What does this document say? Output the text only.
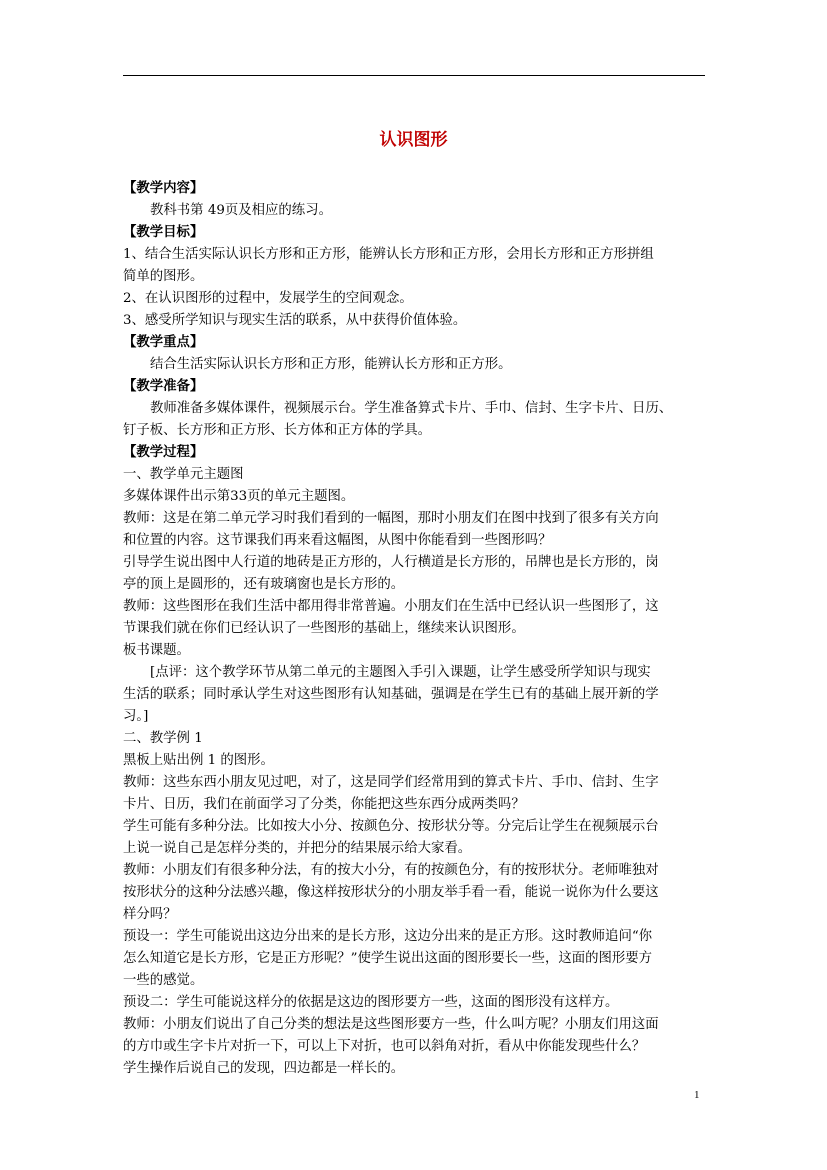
认识图形
【教学内容】
教科书第 49页及相应的练习。
【教学目标】
1、结合生活实际认识长方形和正方形，能辨认长方形和正方形，会用长方形和正方形拼组
简单的图形。
2、在认识图形的过程中，发展学生的空间观念。
3、感受所学知识与现实生活的联系，从中获得价值体验。
【教学重点】
结合生活实际认识长方形和正方形，能辨认长方形和正方形。
【教学准备】
教师准备多媒体课件，视频展示台。学生准备算式卡片、手巾、信封、生字卡片、日历、
钉子板、长方形和正方形、长方体和正方体的学具。
【教学过程】
一、教学单元主题图
多媒体课件出示第33页的单元主题图。
教师：这是在第二单元学习时我们看到的一幅图，那时小朋友们在图中找到了很多有关方向
和位置的内容。这节课我们再来看这幅图，从图中你能看到一些图形吗？
引导学生说出图中人行道的地砖是正方形的，人行横道是长方形的，吊牌也是长方形的，岗
亭的顶上是圆形的，还有玻璃窗也是长方形的。
教师：这些图形在我们生活中都用得非常普遍。小朋友们在生活中已经认识一些图形了，这
节课我们就在你们已经认识了一些图形的基础上，继续来认识图形。
板书课题。
[点评：这个教学环节从第二单元的主题图入手引入课题，让学生感受所学知识与现实
生活的联系；同时承认学生对这些图形有认知基础，强调是在学生已有的基础上展开新的学
习。]
二、教学例 1
黑板上贴出例 1 的图形。
教师：这些东西小朋友见过吧，对了，这是同学们经常用到的算式卡片、手巾、信封、生字
卡片、日历，我们在前面学习了分类，你能把这些东西分成两类吗？
学生可能有多种分法。比如按大小分、按颜色分、按形状分等。分完后让学生在视频展示台
上说一说自己是怎样分类的，并把分的结果展示给大家看。
教师：小朋友们有很多种分法，有的按大小分，有的按颜色分，有的按形状分。老师唯独对
按形状分的这种分法感兴趣，像这样按形状分的小朋友举手看一看，能说一说你为什么要这
样分吗？
预设一：学生可能说出这边分出来的是长方形，这边分出来的是正方形。这时教师追问“你
怎么知道它是长方形，它是正方形呢？”使学生说出这面的图形要长一些，这面的图形要方
一些的感觉。
预设二：学生可能说这样分的依据是这边的图形要方一些，这面的图形没有这样方。
教师：小朋友们说出了自己分类的想法是这些图形要方一些，什么叫方呢？小朋友们用这面
的方巾或生字卡片对折一下，可以上下对折，也可以斜角对折，看从中你能发现些什么？
学生操作后说自己的发现，四边都是一样长的。
1
